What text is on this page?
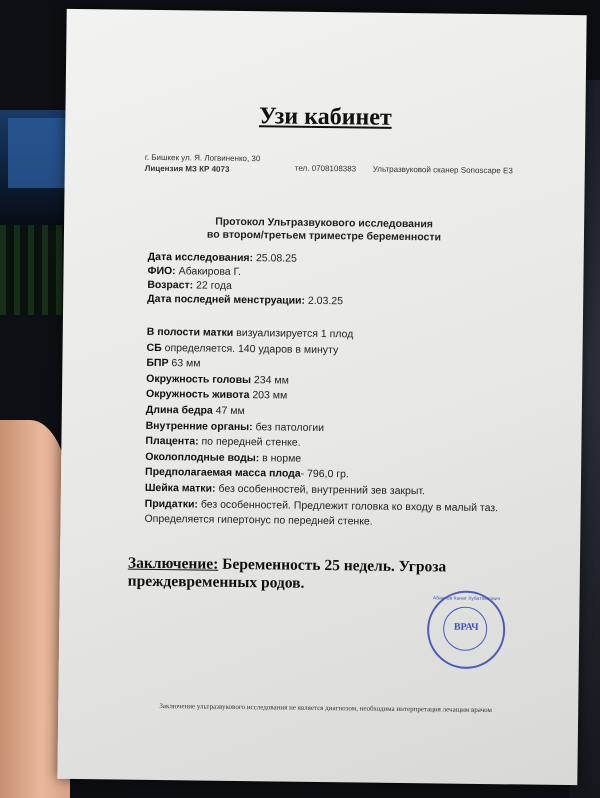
Узи кабинет
г. Бишкек ул. Я. Логвиненко, 30
тел. 0708108383 Ультразвуковой сканер Sonoscape E3
Лицензия МЗ КР 4073
Протокол Ультразвукового исследования
во втором/третьем триместре беременности

Дата исследования: 25.08.25

ФИО: Абакирова Г.

Возраст: 22 года

Дата последней менструации: 2.03.25

В полости матки визуализируется 1 плод

СБ определяется. 140 ударов в минуту

БПР 63 мм

Окружность головы 234 мм

Окружность живота 203 мм

Длина бедра 47 мм

Внутренние органы: без патологии

Плацента: по передней стенке.

Околоплодные воды: в норме

Предполагаемая масса плода- 796,0 гр.

Шейка матки: без особенностей, внутренний зев закрыт.

Придатки: без особенностей. Предлежит головка ко входу в малый таз.

Определяется гипертонус по передней стенке.

Заключение: Беременность 25 недель. Угроза преждевременных родов.
Абакиев Канат Кубатбекович
ВРАЧ
Заключение ультразвукового исследования не является диагнозом, необходима интерпретация лечащим врачом
